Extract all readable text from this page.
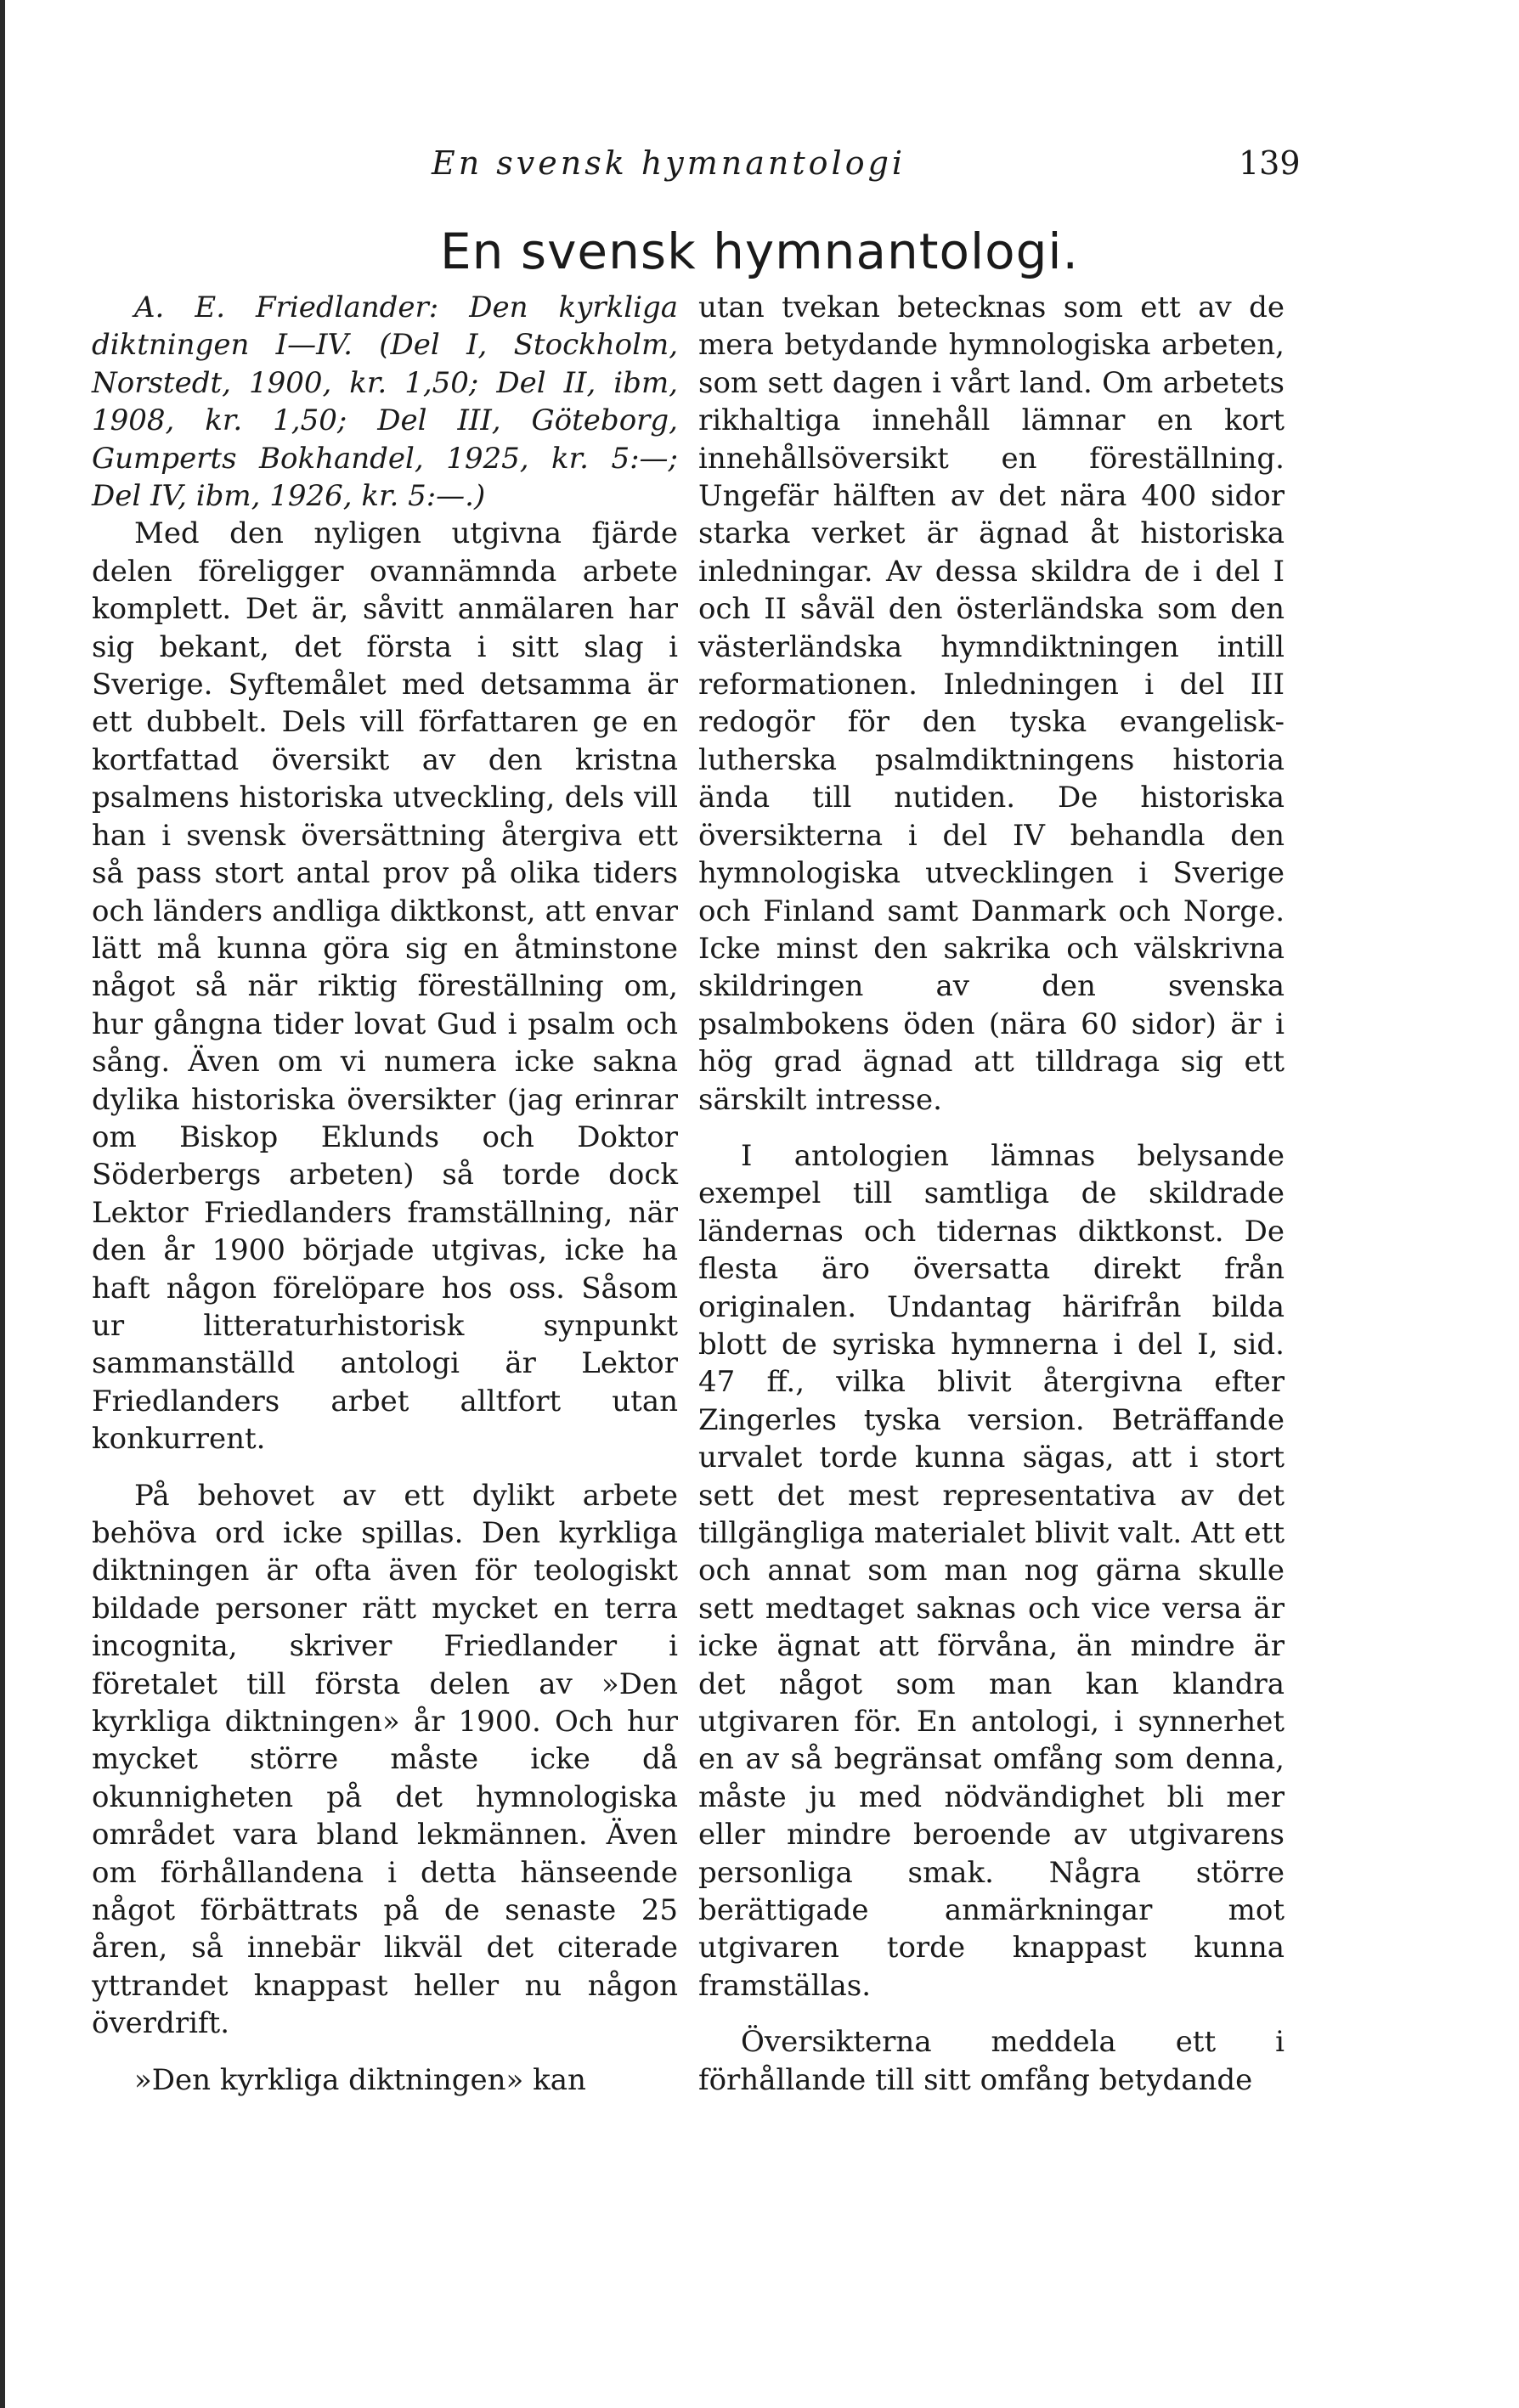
En svensk hymnantologi	139
En svensk hymnantologi.

A. E. Friedlander: Den kyrkliga diktningen I—IV. (Del I, Stockholm, Norstedt, 1900, kr. 1,50; Del II, ibm, 1908, kr. 1,50; Del III, Göteborg, Gumperts Bokhandel, 1925, kr. 5:—; Del IV, ibm, 1926, kr. 5:—.)

Med den nyligen utgivna fjärde delen föreligger ovannämnda arbete komplett. Det är, såvitt anmälaren har sig bekant, det första i sitt slag i Sverige. Syftemålet med detsamma är ett dubbelt. Dels vill författaren ge en kortfattad översikt av den kristna psalmens historiska utveckling, dels vill han i svensk översättning återgiva ett så pass stort antal prov på olika tiders och länders andliga diktkonst, att envar lätt må kunna göra sig en åtminstone något så när riktig föreställning om, hur gångna tider lovat Gud i psalm och sång. Även om vi numera icke sakna dylika historiska översikter (jag erinrar om Biskop Eklunds och Doktor Söderbergs arbeten) så torde dock Lektor Friedlanders framställning, när den år 1900 började utgivas, icke ha haft någon förelöpare hos oss. Såsom ur litteraturhistorisk synpunkt sammanställd antologi är Lektor Friedlanders arbet alltfort utan konkurrent.

På behovet av ett dylikt arbete behöva ord icke spillas. Den kyrkliga diktningen är ofta även för teologiskt bildade personer rätt mycket en terra incognita, skriver Friedlander i företalet till första delen av »Den kyrkliga diktningen» år 1900. Och hur mycket större måste icke då okunnigheten på det hymnologiska området vara bland lekmännen. Även om förhållandena i detta hänseende något förbättrats på de senaste 25 åren, så innebär likväl det citerade yttrandet knappast heller nu någon överdrift.

»Den kyrkliga diktningen» kan

utan tvekan betecknas som ett av de mera betydande hymnologiska arbeten, som sett dagen i vårt land. Om arbetets rikhaltiga innehåll lämnar en kort innehållsöversikt en föreställning. Ungefär hälften av det nära 400 sidor starka verket är ägnad åt historiska inledningar. Av dessa skildra de i del I och II såväl den österländska som den västerländska hymndiktningen intill reformationen. Inledningen i del III redogör för den tyska evangelisk-lutherska psalmdiktningens historia ända till nutiden. De historiska översikterna i del IV behandla den hymnologiska utvecklingen i Sverige och Finland samt Danmark och Norge. Icke minst den sakrika och välskrivna skildringen av den svenska psalmbokens öden (nära 60 sidor) är i hög grad ägnad att tilldraga sig ett särskilt intresse.

I antologien lämnas belysande exempel till samtliga de skildrade ländernas och tidernas diktkonst. De flesta äro översatta direkt från originalen. Undantag härifrån bilda blott de syriska hymnerna i del I, sid. 47 ff., vilka blivit återgivna efter Zingerles tyska version. Beträffande urvalet torde kunna sägas, att i stort sett det mest representativa av det tillgängliga materialet blivit valt. Att ett och annat som man nog gärna skulle sett medtaget saknas och vice versa är icke ägnat att förvåna, än mindre är det något som man kan klandra utgivaren för. En antologi, i synnerhet en av så begränsat omfång som denna, måste ju med nödvändighet bli mer eller mindre beroende av utgivarens personliga smak. Några större berättigade anmärkningar mot utgivaren torde knappast kunna framställas.

Översikterna meddela ett i förhållande till sitt omfång betydande
